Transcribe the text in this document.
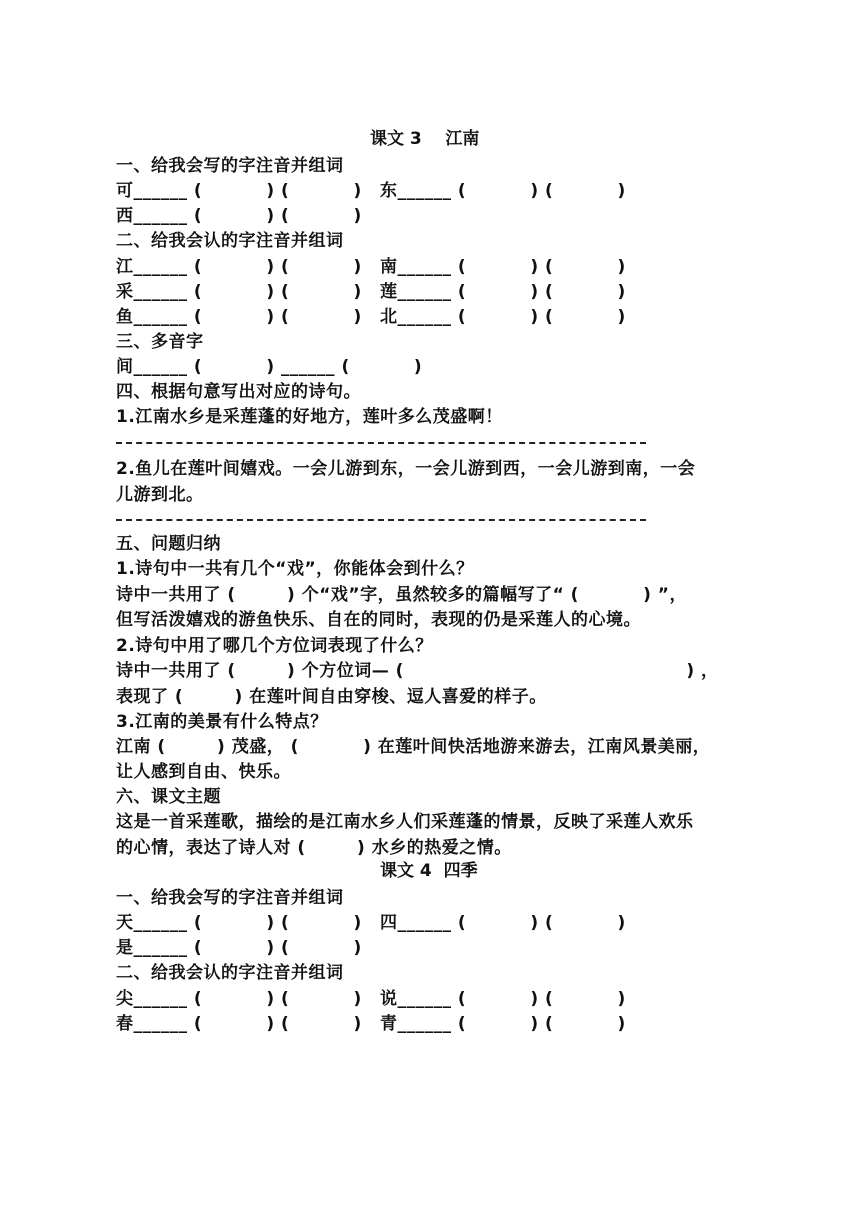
课文 3    江南
一、给我会写的字注音并组词
可______ (          ) (          ) 东______ (          ) (          )
西______ (          ) (          )
二、给我会认的字注音并组词
江______ (          ) (          ) 南______ (          ) (          )
采______ (          ) (          ) 莲______ (          ) (          )
鱼______ (          ) (          ) 北______ (          ) (          )
三、多音字
间______ (          ) ______ (          )
四、根据句意写出对应的诗句。
1.江南水乡是采莲蓬的好地方，莲叶多么茂盛啊！
2.鱼儿在莲叶间嬉戏。一会儿游到东，一会儿游到西，一会儿游到南，一会
儿游到北。
五、问题归纳
1.诗句中一共有几个“戏”，你能体会到什么？
诗中一共用了 (        ) 个“戏”字，虽然较多的篇幅写了“ (          ) ”，
但写活泼嬉戏的游鱼快乐、自在的同时，表现的仍是采莲人的心境。
2.诗句中用了哪几个方位词表现了什么？
诗中一共用了 (        ) 个方位词— (                                            ) ，
表现了 (        ) 在莲叶间自由穿梭、逗人喜爱的样子。
3.江南的美景有什么特点？
江南 (        ) 茂盛， (          ) 在莲叶间快活地游来游去，江南风景美丽，
让人感到自由、快乐。
六、课文主题
这是一首采莲歌，描绘的是江南水乡人们采莲蓬的情景，反映了采莲人欢乐
的心情，表达了诗人对 (        ) 水乡的热爱之情。
课文 4  四季
一、给我会写的字注音并组词
天______ (          ) (          ) 四______ (          ) (          )
是______ (          ) (          )
二、给我会认的字注音并组词
尖______ (          ) (          ) 说______ (          ) (          )
春______ (          ) (          ) 青______ (          ) (          )
